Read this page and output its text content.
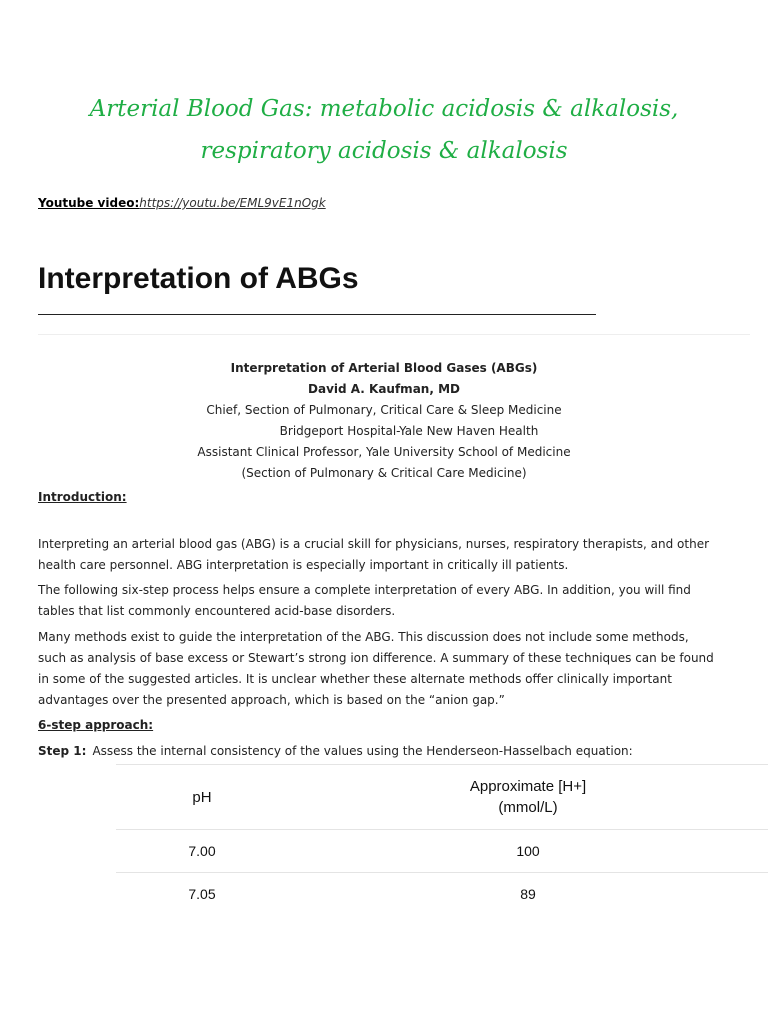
Arterial Blood Gas: metabolic acidosis & alkalosis,
respiratory acidosis & alkalosis
Youtube video:https://youtu.be/EML9vE1nOgk
Interpretation of ABGs
Interpretation of Arterial Blood Gases (ABGs)
David A. Kaufman, MD
Chief, Section of Pulmonary, Critical Care & Sleep Medicine
Bridgeport Hospital-Yale New Haven Health
Assistant Clinical Professor, Yale University School of Medicine
(Section of Pulmonary & Critical Care Medicine)
Introduction:
Interpreting an arterial blood gas (ABG) is a crucial skill for physicians, nurses, respiratory therapists, and other health care personnel. ABG interpretation is especially important in critically ill patients.
The following six-step process helps ensure a complete interpretation of every ABG. In addition, you will find tables that list commonly encountered acid-base disorders.
Many methods exist to guide the interpretation of the ABG. This discussion does not include some methods, such as analysis of base excess or Stewart’s strong ion difference. A summary of these techniques can be found in some of the suggested articles. It is unclear whether these alternate methods offer clinically important advantages over the presented approach, which is based on the “anion gap.”
6-step approach:
Step 1: Assess the internal consistency of the values using the Henderseon-Hasselbach equation:
pH	Approximate [H+]
(mmol/L)

7.00	100
7.05	89
